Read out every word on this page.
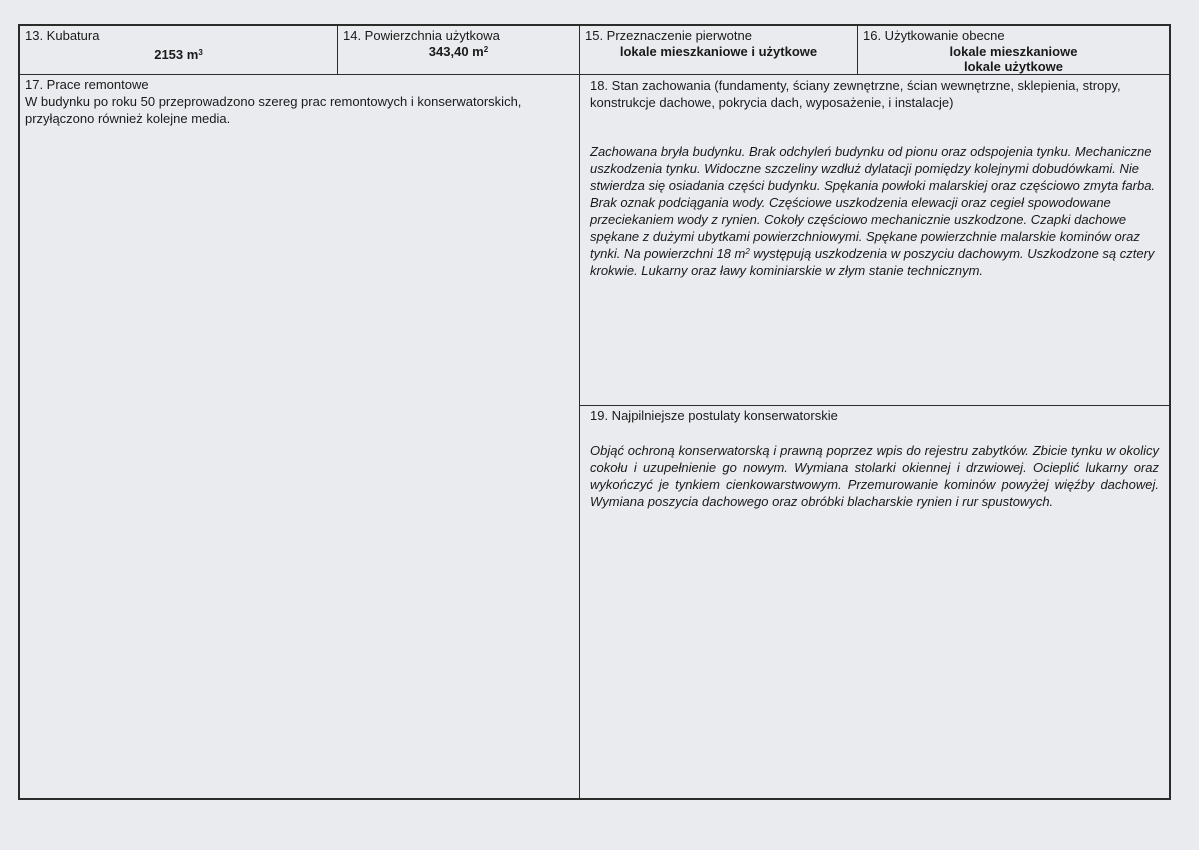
13. Kubatura
2153 $m^3$
14. Powierzchnia użytkowa
343,40 $m^2$
15. Przeznaczenie pierwotne
lokale mieszkaniowe i użytkowe
16. Użytkowanie obecne
lokale mieszkaniowe
lokale użytkowe
17. Prace remontowe
W budynku po roku 50 przeprowadzono szereg prac remontowych i konserwatorskich, przyłączono również kolejne media.
18. Stan zachowania (fundamenty, ściany zewnętrzne, ścian wewnętrzne, sklepienia, stropy, konstrukcje dachowe, pokrycia dach, wyposażenie, i instalacje)
Zachowana bryła budynku. Brak odchyleń budynku od pionu oraz odspojenia tynku. Mechaniczne uszkodzenia tynku. Widoczne szczeliny wzdłuż dylatacji pomiędzy kolejnymi dobudówkami. Nie stwierdza się osiadania części budynku. Spękania powłoki malarskiej oraz częściowo zmyta farba. Brak oznak podciągania wody. Częściowe uszkodzenia elewacji oraz cegieł spowodowane przeciekaniem wody z rynien. Cokoły częściowo mechanicznie uszkodzone. Czapki dachowe spękane z dużymi ubytkami powierzchniowymi. Spękane powierzchnie malarskie kominów oraz tynki. Na powierzchni 18 $m^2$ występują uszkodzenia w poszyciu dachowym. Uszkodzone są cztery krokwie. Lukarny oraz ławy kominiarskie w złym stanie technicznym.
19. Najpilniejsze postulaty konserwatorskie
Objąć ochroną konserwatorską i prawną poprzez wpis do rejestru zabytków. Zbicie tynku w okolicy cokołu i uzupełnienie go nowym. Wymiana stolarki okiennej i drzwiowej. Ocieplić lukarny oraz wykończyć je tynkiem cienkowarstwowym. Przemurowanie kominów powyżej więźby dachowej. Wymiana poszycia dachowego oraz obróbki blacharskie rynien i rur spustowych.
